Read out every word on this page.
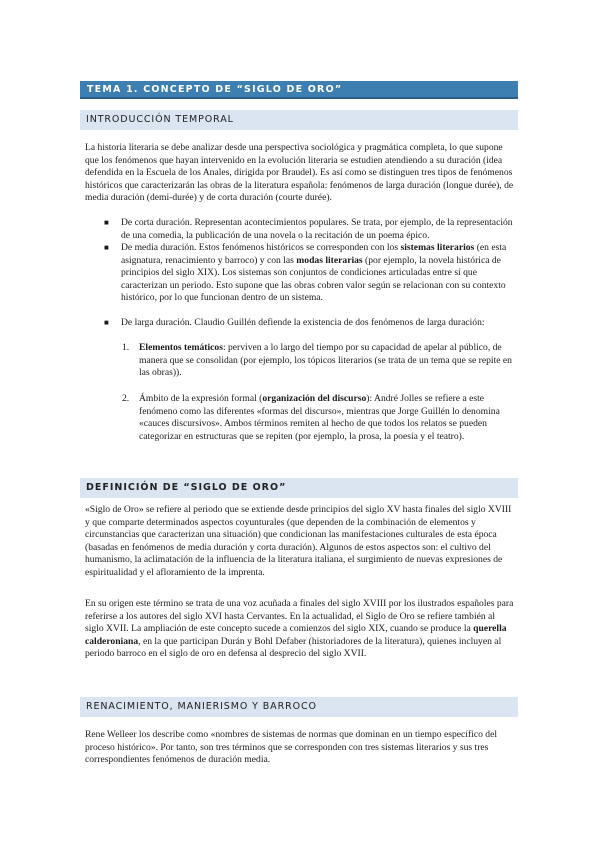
TEMA 1. CONCEPTO DE “SIGLO DE ORO”
INTRODUCCIÓN TEMPORAL

La historia literaria se debe analizar desde una perspectiva sociológica y pragmática completa, lo que supone que los fenómenos que hayan intervenido en la evolución literaria se estudien atendiendo a su duración (idea defendida en la Escuela de los Anales, dirigida por Braudel). Es así como se distinguen tres tipos de fenómenos históricos que caracterizarán las obras de la literatura española: fenómenos de larga duración (longue durée), de media duración (demi-durée) y de corta duración (courte durée).

■ De corta duración. Representan acontecimientos populares. Se trata, por ejemplo, de la representación de una comedia, la publicación de una novela o la recitación de un poema épico.
■ De media duración. Estos fenómenos históricos se corresponden con los sistemas literarios (en esta asignatura, renacimiento y barroco) y con las modas literarias (por ejemplo, la novela histórica de principios del siglo XIX). Los sistemas son conjuntos de condiciones articuladas entre sí que caracterizan un periodo. Esto supone que las obras cobren valor según se relacionan con su contexto histórico, por lo que funcionan dentro de un sistema.
■ De larga duración. Claudio Guillén defiende la existencia de dos fenómenos de larga duración:
1. Elementos temáticos: perviven a lo largo del tiempo por su capacidad de apelar al público, de manera que se consolidan (por ejemplo, los tópicos literarios (se trata de un tema que se repite en las obras)).
2. Ámbito de la expresión formal (organización del discurso): André Jolles se refiere a este fenómeno como las diferentes «formas del discurso», mientras que Jorge Guillén lo denomina «cauces discursivos». Ambos términos remiten al hecho de que todos los relatos se pueden categorizar en estructuras que se repiten (por ejemplo, la prosa, la poesía y el teatro).
DEFINICIÓN DE “SIGLO DE ORO”

«Siglo de Oro» se refiere al periodo que se extiende desde principios del siglo XV hasta finales del siglo XVIII y que comparte determinados aspectos coyunturales (que dependen de la combinación de elementos y circunstancias que caracterizan una situación) que condicionan las manifestaciones culturales de esta época (basadas en fenómenos de media duración y corta duración). Algunos de estos aspectos son: el cultivo del humanismo, la aclimatación de la influencia de la literatura italiana, el surgimiento de nuevas expresiones de espiritualidad y el afloramiento de la imprenta.

En su origen este término se trata de una voz acuñada a finales del siglo XVIII por los ilustrados españoles para referirse a los autores del siglo XVI hasta Cervantes. En la actualidad, el Siglo de Oro se refiere también al siglo XVII. La ampliación de este concepto sucede a comienzos del siglo XIX, cuando se produce la querella calderoniana, en la que participan Durán y Bohl Defaber (historiadores de la literatura), quienes incluyen al periodo barroco en el siglo de oro en defensa al desprecio del siglo XVII.

RENACIMIENTO, MANIERISMO Y BARROCO

Rene Welleer los describe como «nombres de sistemas de normas que dominan en un tiempo específico del proceso histórico». Por tanto, son tres términos que se corresponden con tres sistemas literarios y sus tres correspondientes fenómenos de duración media.
